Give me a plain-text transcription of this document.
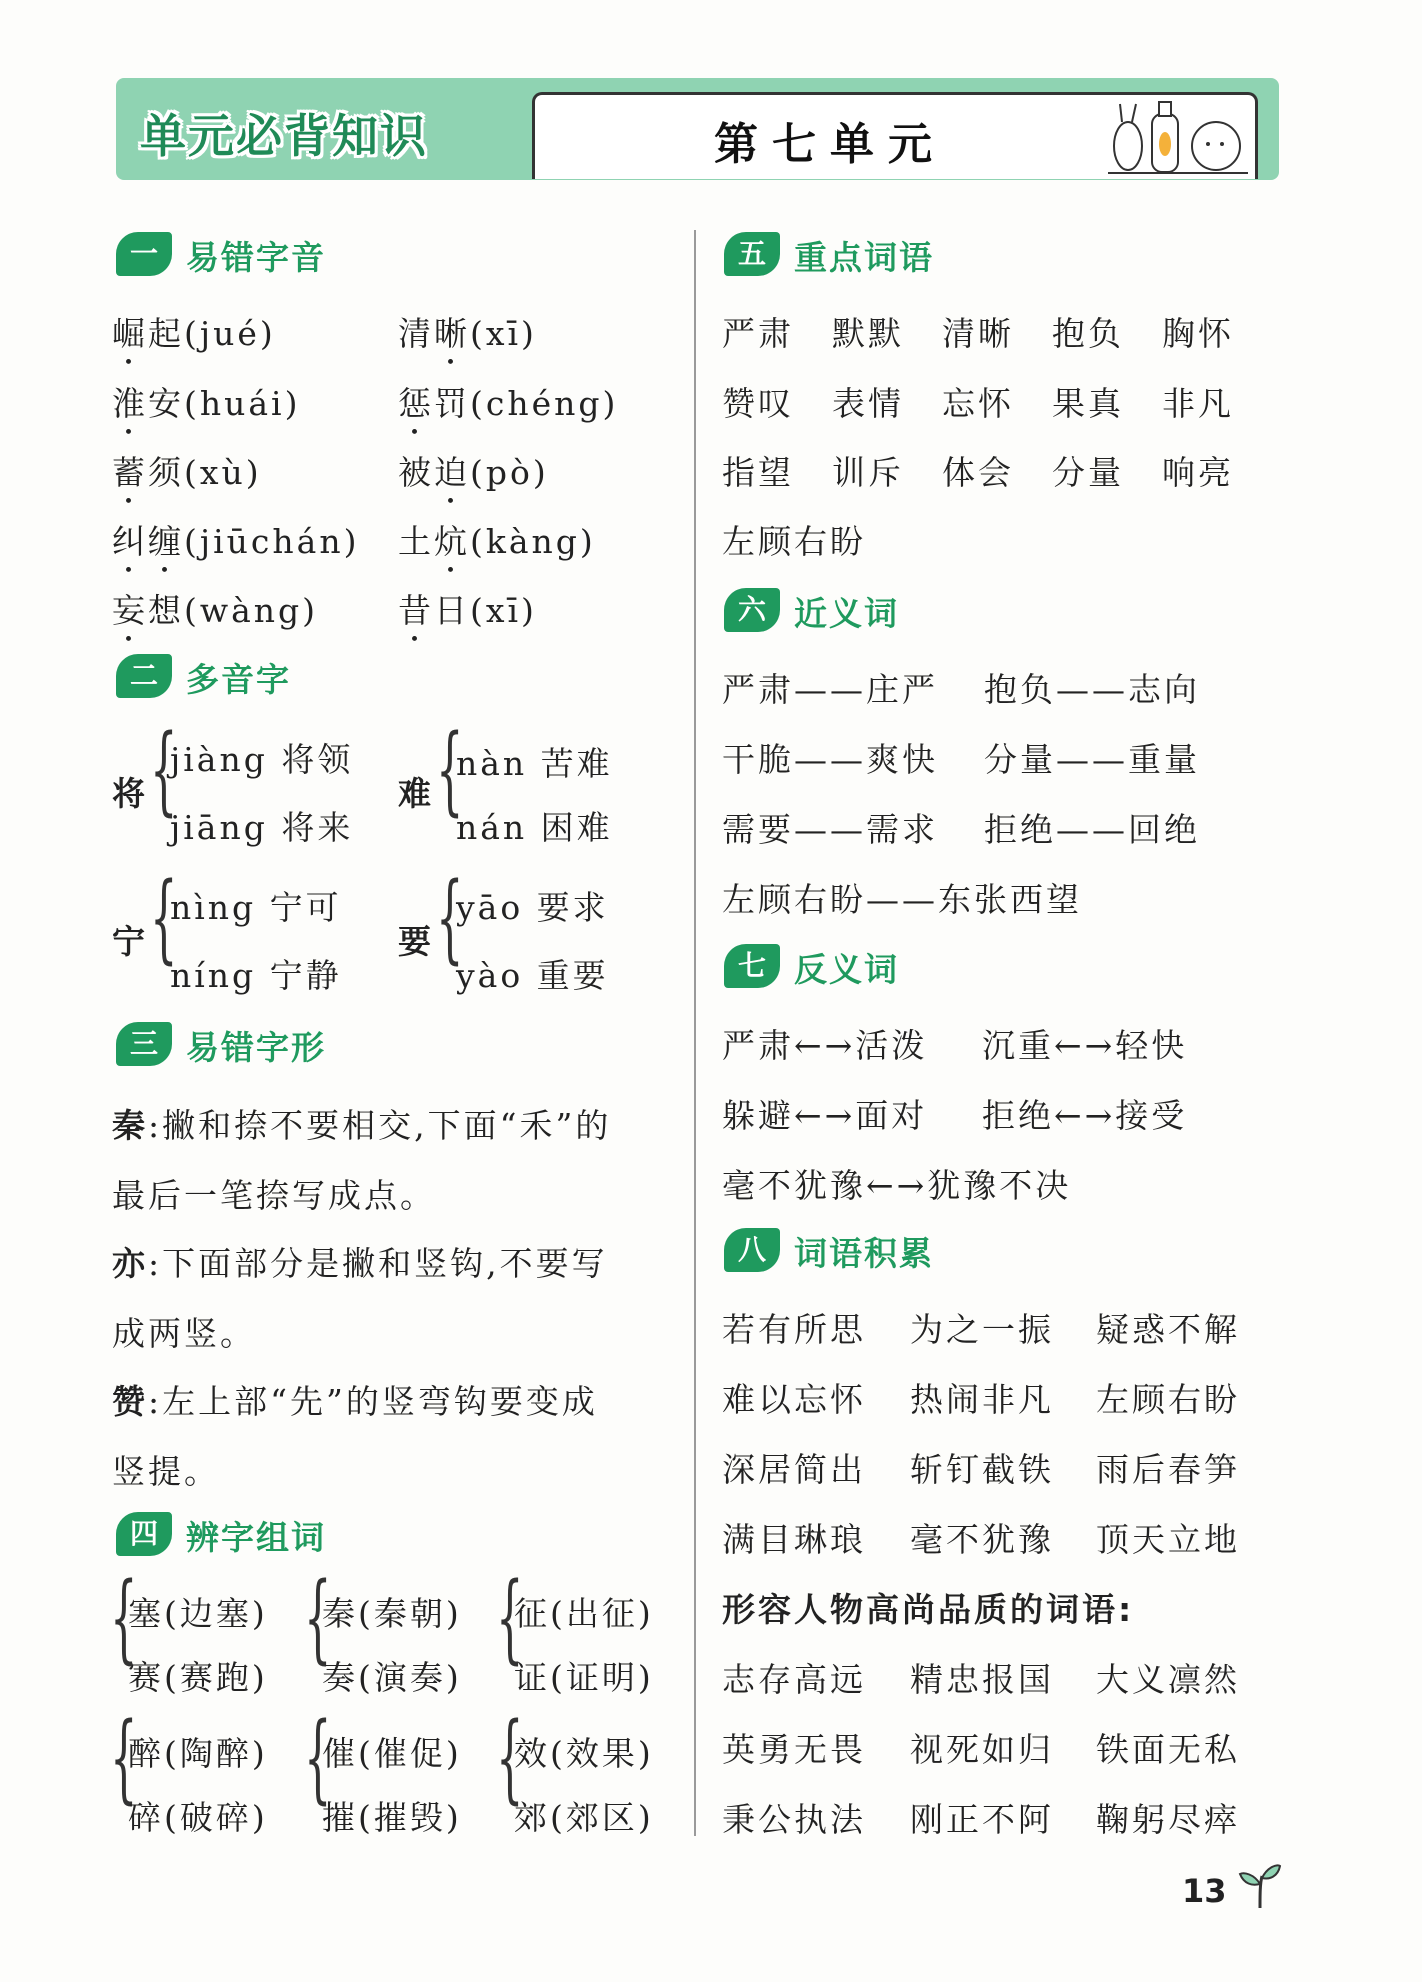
单元必背知识	第七单元
一 易错字音
崛起(jué)	清晰(xī)
淮安(huái)	惩罚(chéng)
蓄须(xù)	被迫(pò)
纠缠(jiūchán) 土炕(kàng)
妄想(wàng) 昔日(xī)
二 多音字
将 {
jiàng 将领
jiāng 将来
难 {
nàn 苦难
nán 困难
宁 {
nìng 宁可
níng 宁静
要 {
yāo 要求
yào 重要
三 易错字形
秦:撇和捺不要相交,下面“禾”的
最后一笔捺写成点。
亦:下面部分是撇和竖钩,不要写
成两竖。
赞:左上部“先”的竖弯钩要变成
竖提。
四 辨字组词
{
塞(边塞)
赛(赛跑)
{
秦(秦朝)
奏(演奏)
{
征(出征)
证(证明)
{
醉(陶醉)
碎(破碎)
{
催(催促)
摧(摧毁)
{
效(效果)
郊(郊区)
五 重点词语
严肃 默默 清晰 抱负 胸怀
赞叹 表情 忘怀 果真 非凡
指望 训斥 体会 分量 响亮
左顾右盼
六 近义词
严肃——庄严 抱负——志向
干脆——爽快 分量——重量
需要——需求 拒绝——回绝
左顾右盼——东张西望
七 反义词
严肃←→活泼 沉重←→轻快
躲避←→面对 拒绝←→接受
毫不犹豫←→犹豫不决
八 词语积累
若有所思 为之一振 疑惑不解
难以忘怀 热闹非凡 左顾右盼
深居简出 斩钉截铁 雨后春笋
满目琳琅 毫不犹豫 顶天立地
形容人物高尚品质的词语:
志存高远 精忠报国 大义凛然
英勇无畏 视死如归 铁面无私
秉公执法 刚正不阿 鞠躬尽瘁
13
